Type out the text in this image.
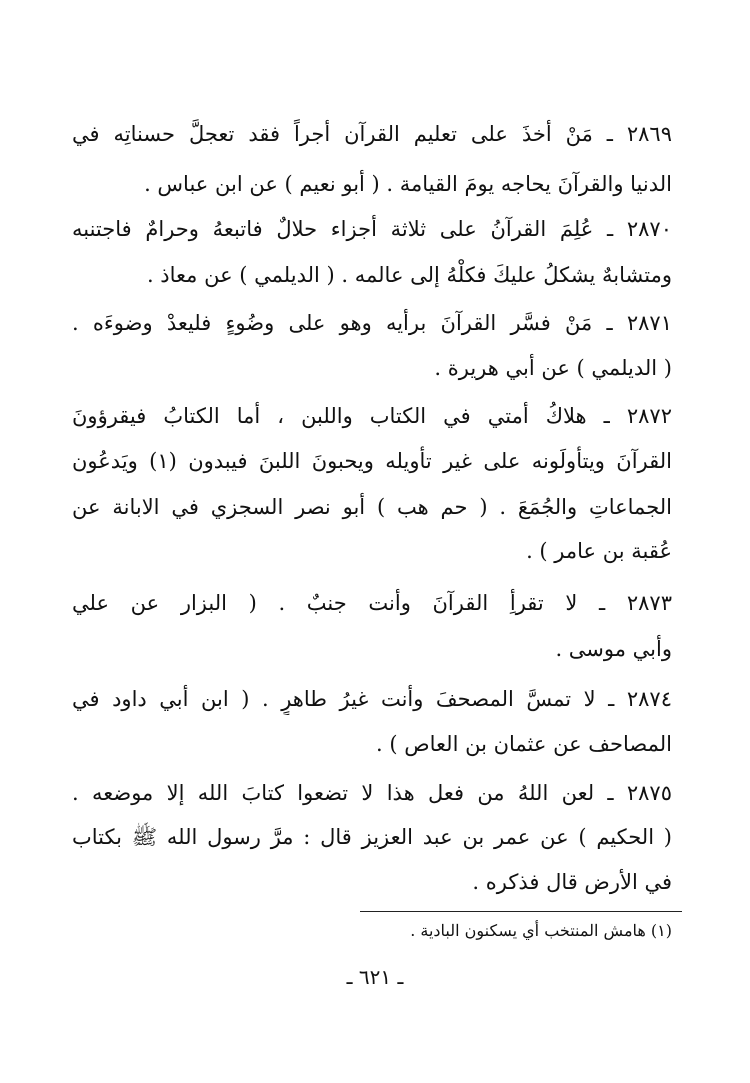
٢٨٦٩ ـ مَنْ أخذَ على تعليم القرآن أجراً فقد تعجلَّ حسناتِه في
الدنيا والقرآنَ يحاجه يومَ القيامة . ( أبو نعيم ) عن ابن عباس .
٢٨٧٠ ـ عُلِمَ القرآنُ على ثلاثة أجزاء حلالٌ فاتبعهُ وحرامٌ فاجتنبه
ومتشابهٌ يشكلُ عليكَ فكلْهُ إلى عالمه . ( الديلمي ) عن معاذ .
٢٨٧١ ـ مَنْ فسَّر القرآنَ برأيه وهو على وضُوءٍ فليعدْ وضوءَه .
( الديلمي ) عن أبي هريرة .
٢٨٧٢ ـ هلاكُ أمتي في الكتاب واللبن ، أما الكتابُ فيقرؤونَ
القرآنَ ويتأولَونه على غير تأويله ويحبونَ اللبنَ فيبدون (١) ويَدعُون
الجماعاتِ والجُمَعَ . ( حم هب ) أبو نصر السجزي في الابانة عن
عُقبة بن عامر ) .
٢٨٧٣ ـ لا تقرأِ القرآنَ وأنت جنبٌ . ( البزار عن علي
وأبي موسى .
٢٨٧٤ ـ لا تمسَّ المصحفَ وأنت غيرُ طاهرٍ . ( ابن أبي داود في
المصاحف عن عثمان بن العاص ) .
٢٨٧٥ ـ لعن اللهُ من فعل هذا لا تضعوا كتابَ الله إلا موضعه .
( الحكيم ) عن عمر بن عبد العزيز قال : مرَّ رسول الله ﷺ بكتاب
في الأرض قال فذكره .
(١) هامش المنتخب أي يسكنون البادية .
ـ ٦٢١ ـ
